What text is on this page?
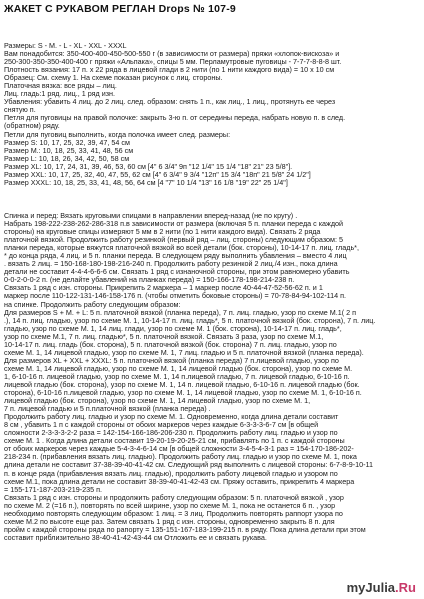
ЖАКЕТ С РУКАВОМ РЕГЛАН Drops № 107-9
Размеры: S - M. - L - XL - XXL - XXXL
Вам понадобится: 350-400-400-450-500-550 г (в зависимости от размера) пряжи «хлопок-вискоза» и
250-300-350-350-400-400 г пряжи «Альпака», спицы 5 мм. Перламутровые пуговицы - 7-7-7-8-8-8 шт.
Плотность вязания: 17 п. х 22 ряда в лицевой глади в 2 нити (по 1 нити каждого вида) = 10 х 10 см
Образец: См. схему 1. На схеме показан рисунок с лиц. стороны.
Платочная вязка: все ряды – лиц.
Лиц. гладь:1 ряд. лиц., 1 ряд изн.
Убавления: убавить 4 лиц. до 2 лиц. след. образом: снять 1 п., как лиц., 1 лиц., протянуть ее через
снятую п.
Петля для пуговицы на правой полочке: закрыть 3-ю п. от середины переда, набрать новую п. в след.
(обратном) ряду.
Петли для пуговиц выполнить, когда полочка имеет след. размеры:
Размер S: 10, 17, 25, 32, 39, 47, 54 см
Размер M.: 10, 18, 25, 33, 41, 48, 56 см
Размер L: 10, 18, 26, 34, 42, 50, 58 см
Размер XL: 10, 17, 24, 31, 39, 46, 53, 60 см [4" 6 3/4" 9п "12 1/4" 15 1/4 "18" 21" 23 5/8"].
Размер XXL: 10, 17, 25, 32, 40, 47, 55, 62 см [4" 6 3/4" 9 3/4 "12п" 15 3/4 "18п" 21 5/8" 24 1/2"]
Размер XXXL: 10, 18, 25, 33, 41, 48, 56, 64 см [4 "7" 10 1/4 "13" 16 1/8 "19" 22" 25 1/4"]
Спинка и перед: Вязать круговыми спицами в направлении вперед-назад (не по кругу) .
Набрать 198-222-238-262-286-318 п.в зависимости от размера (включая 5 п. планки переда с каждой
стороны) на круговые спицы измеряют 5 мм в 2 нити (по 1 нити каждого вида). Связать 2 ряда
платочной вязкой. Продолжить работу резинкой (первый ряд – лиц. стороны) следующим образом: 5
планки переда, которые вяжутся платочной вязкой во всей детали (бок. стороны), 10-14-17 п. лиц. гладь*,
* до конца ряда, 4 лиц. и 5 п. планки переда. В следующем ряду выполнить убавления – вместо 4 лиц
. вязать 2 лиц. = 150-168-180-198-216-240 п. Продолжить работу резинкой 2 лиц./4 изн., пока длина
детали не составит 4-4-4-6-6-6 см. Связать 1 ряд с изнаночной стороны, при этом равномерно убавить
0-0-2-0-0-2 п. (не делайте убавлений на планках переда) = 150-166-178-198-214-238 п.
Связать 1 ряд с изн. стороны. Прикрепить 2 маркера – 1 маркер после 40-44-47-52-56-62 п. и 1
маркер после 110-122-131-146-158-176 п. (чтобы отметить боковые стороны) = 70-78-84-94-102-114 п.
на спинке. Продолжить работу следующим образом:
Для размеров S + М. + L: 5 п. платочной вязкой (планка переда), 7 п. лиц. гладью, узор по схеме М.1( 2 п
.), 14 п. лиц. гладью, узор по схеме М. 1, 10-14-17 п. лиц. гладь*, 5 п. платочной вязкой (бок. сторона), 7 п. лиц.
гладью, узор по схеме М. 1, 14 лиц. глади, узор по схеме М. 1 (бок. сторона), 10-14-17 п. лиц. гладь*,
узор по схеме М.1, 7 п. лиц. гладью*, 5 п. платочной вязкой. Связать 3 раза, узор по схеме М.1,
10-14-17 п. лиц. гладь (бок. сторона), 5 п. платочной вязкой (бок. сторона) 7 п. лиц. гладью, узор по
схеме М. 1, 14 лицевой гладью, узор по схеме М. 1, 7 лиц. гладью и 5 п. платочной вязкой (планка переда).
Для размеров XL + XXL + XXXL: 5 п. платочной вязкой (планка переда) 7 п.лицевой гладью, узор по
схеме М. 1, 14 лицевой гладью, узор по схеме М. 1, 14 лицевой гладью (бок. сторона), узор по схеме М.
1, 6-10-16 п. лицевой гладью, узор по схеме М. 1, 14 п.лицевой гладью, 7 п. лицевой гладью, 6-10-16 п.
лицевой гладью (бок. сторона), узор по схеме М. 1, 14 п. лицевой гладью, 6-10-16 п. лицевой гладью (бок.
сторона), 6-10-16 п.лицевой гладью, узор по схеме М. 1, 14 лицевой гладью, узор по схеме М. 1, 6-10-16 п.
лицевой гладью (бок. сторона), узор по схеме М. 1, 14 лицевой гладью, узор по схеме М. 1,
7 п. лицевой гладью и 5 п.платочной вязкой (планка переда) .
Продолжить работу лиц. гладью и узор по схеме М. 1. Одновременно, когда длина детали составит
8 см , убавить 1 п с каждой стороны от обоих маркеров через каждые 6-3-3-3-6-7 см [в общей
сложности 2-3-3-3-2-2 раза = 142-154-166-186-206-230 п. Продолжить работу лиц. гладью и узор по
схеме М. 1 . Когда длина детали составит 19-20-19-20-25-21 см, прибавлять по 1 п. с каждой стороны
от обоих маркеров через каждые 5-4-3-4-6-14 см [в общей сложности 3-4-5-4-3-1 раз = 154-170-186-202-
218-234 п. (прибавления вязать лиц. гладью). Продолжить работу лиц. гладью и узор по схеме М. 1, пока
длина детали не составит 37-38-39-40-41-42 см. Следующий ряд выполнить с лицевой стороны: 6-7-8-9-10-11
п. в конце ряда (прибавления вязать лиц. гладью), продолжить работу лицевой гладью и узором по
схеме М.1, пока длина детали не составит 38-39-40-41-42-43 см. Пряжу оставить, прикрепить 4 маркера
= 155-171-187-203-219-235 п.
Связать 1 ряд с изн. стороны и продолжить работу следующим образом: 5 п. платочной вязкой , узор
по схеме М. 2 (=16 п.), повторять по всей ширине, узор по схеме М. 1, пока не останется 6 п. , узор
необходимо повторять следующим образом: 1 лиц. = 3 лиц. Продолжить повторять раппорт узора по
схеме М.2 по высоте еще раз. Затем связать 1 ряд с изн. стороны, одновременно закрыть 8 п. для
пройм с каждой стороны ряда по рапорту = 135-151-167-183-199-215 п. в ряду. Пока длина детали при этом
составит приблизительно 38-40-41-42-43-44 см Отложить ее и связать рукава.
myJulia.Ru
